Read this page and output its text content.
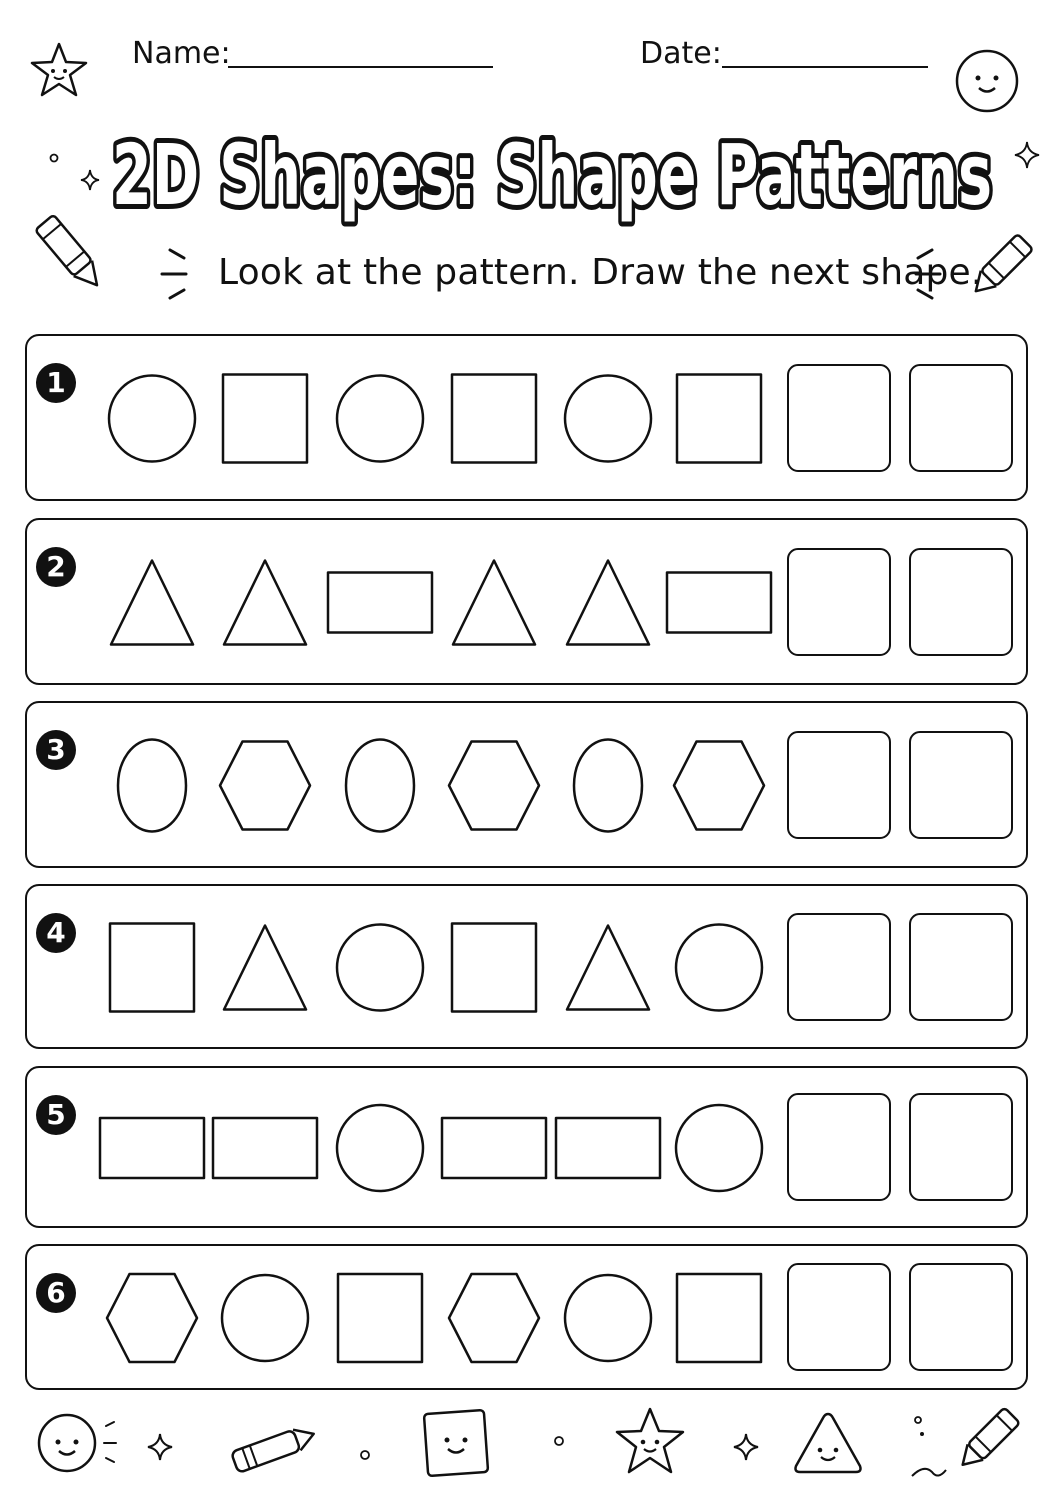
Name:	Date:
2D Shapes: Shape Patterns
Look at the pattern. Draw the next shape.
1
2
3
4
5
6
